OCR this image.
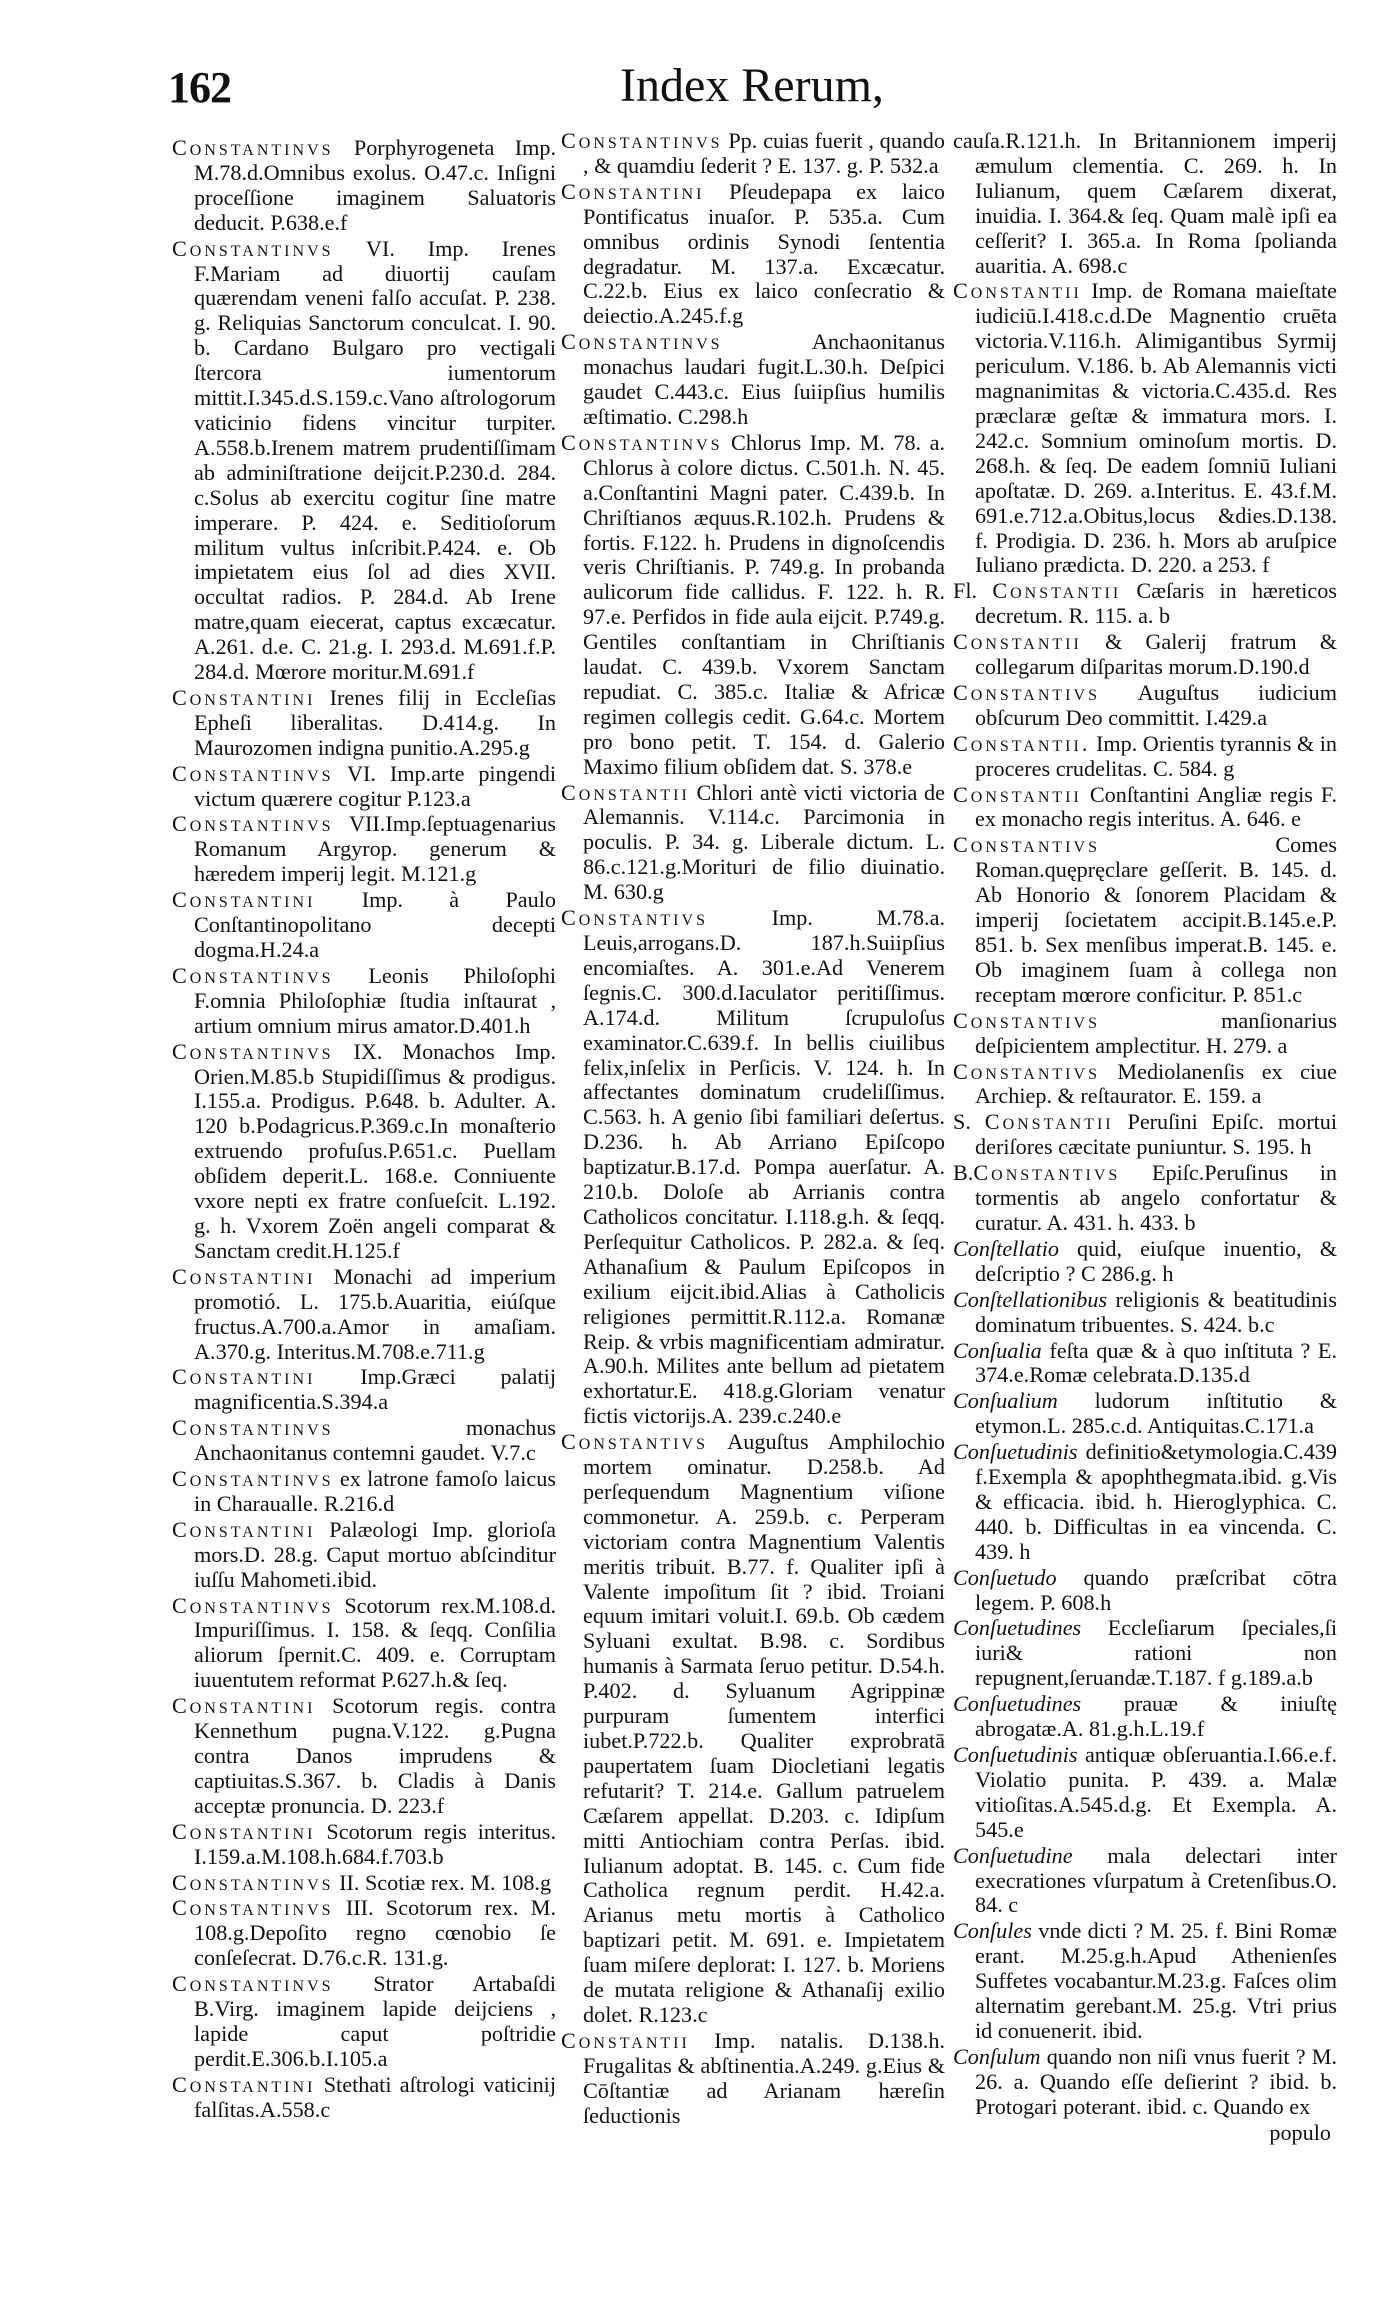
162	Index Rerum,

Constantinvs Porphyrogeneta Imp. M.78.d.Omnibus exolus. O.47.c. Inſigni proceſſione imaginem Saluatoris deducit. P.638.e.f

Constantinvs VI. Imp. Irenes F.Mariam ad diuortij cauſam quærendam veneni falſo accuſat. P. 238. g. Reliquias Sanctorum conculcat. I. 90. b. Cardano Bulgaro pro vectigali ſtercora iumentorum mittit.I.345.d.S.159.c.Vano aſtrologorum vaticinio fidens vincitur turpiter. A.558.b.Irenem matrem prudentiſſimam ab adminiſtratione deijcit.P.230.d. 284. c.Solus ab exercitu cogitur ſine matre imperare. P. 424. e. Seditioſorum militum vultus inſcribit.P.424. e. Ob impietatem eius ſol ad dies XVII. occultat radios. P. 284.d. Ab Irene matre,quam eiecerat, captus excæcatur. A.261. d.e. C. 21.g. I. 293.d. M.691.f.P. 284.d. Mœrore moritur.M.691.f

Constantini Irenes filij in Eccleſias Epheſi liberalitas. D.414.g. In Maurozomen indigna punitio.A.295.g

Constantinvs VI. Imp.arte pingendi victum quærere cogitur P.123.a

Constantinvs VII.Imp.ſeptuagenarius Romanum Argyrop. generum & hæredem imperij legit. M.121.g

Constantini Imp. à Paulo Conſtantinopolitano decepti dogma.H.24.a

Constantinvs Leonis Philoſophi F.omnia Philoſophiæ ſtudia inſtaurat , artium omnium mirus amator.D.401.h

Constantinvs IX. Monachos Imp. Orien.M.85.b Stupidiſſimus & prodigus. I.155.a. Prodigus. P.648. b. Adulter. A. 120 b.Podagricus.P.369.c.In monaſterio extruendo profuſus.P.651.c. Puellam obſidem deperit.L. 168.e. Conniuente vxore nepti ex fratre conſueſcit. L.192. g. h. Vxorem Zoën angeli comparat & Sanctam credit.H.125.f

Constantini Monachi ad imperium promotió. L. 175.b.Auaritia, eiúſque fructus.A.700.a.Amor in amaſiam. A.370.g. Interitus.M.708.e.711.g

Constantini Imp.Græci palatij magnificentia.S.394.a

Constantinvs monachus Anchaonitanus contemni gaudet. V.7.c

Constantinvs ex latrone famoſo laicus in Charaualle. R.216.d

Constantini Palæologi Imp. glorioſa mors.D. 28.g. Caput mortuo abſcinditur iuſſu Mahometi.ibid.

Constantinvs Scotorum rex.M.108.d. Impuriſſimus. I. 158. & ſeqq. Conſilia aliorum ſpernit.C. 409. e. Corruptam iuuentutem reformat P.627.h.& ſeq.

Constantini Scotorum regis. contra Kennethum pugna.V.122. g.Pugna contra Danos imprudens & captiuitas.S.367. b. Cladis à Danis acceptæ pronuncia. D. 223.f

Constantini Scotorum regis interitus. I.159.a.M.108.h.684.f.703.b

Constantinvs II. Scotiæ rex. M. 108.g

Constantinvs III. Scotorum rex. M. 108.g.Depoſito regno cœnobio ſe conſeſecrat. D.76.c.R. 131.g.

Constantinvs Strator Artabaſdi B.Virg. imaginem lapide deijciens , lapide caput poſtridie perdit.E.306.b.I.105.a

Constantini Stethati aſtrologi vaticinij falſitas.A.558.c

Constantinvs Pp. cuias fuerit , quando , & quamdiu ſederit ? E. 137. g. P. 532.a

Constantini Pſeudepapa ex laico Pontificatus inuaſor. P. 535.a. Cum omnibus ordinis Synodi ſententia degradatur. M. 137.a. Excæcatur. C.22.b. Eius ex laico conſecratio & deiectio.A.245.f.g

Constantinvs Anchaonitanus monachus laudari fugit.L.30.h. Deſpici gaudet C.443.c. Eius ſuiipſius humilis æſtimatio. C.298.h

Constantinvs Chlorus Imp. M. 78. a. Chlorus à colore dictus. C.501.h. N. 45. a.Conſtantini Magni pater. C.439.b. In Chriſtianos æquus.R.102.h. Prudens & fortis. F.122. h. Prudens in dignoſcendis veris Chriſtianis. P. 749.g. In probanda aulicorum fide callidus. F. 122. h. R. 97.e. Perfidos in fide aula eijcit. P.749.g. Gentiles conſtantiam in Chriſtianis laudat. C. 439.b. Vxorem Sanctam repudiat. C. 385.c. Italiæ & Africæ regimen collegis cedit. G.64.c. Mortem pro bono petit. T. 154. d. Galerio Maximo filium obſidem dat. S. 378.e

Constantii Chlori antè victi victoria de Alemannis. V.114.c. Parcimonia in poculis. P. 34. g. Liberale dictum. L. 86.c.121.g.Morituri de filio diuinatio. M. 630.g

Constantivs Imp. M.78.a. Leuis,arrogans.D. 187.h.Suiipſius encomiaſtes. A. 301.e.Ad Venerem ſegnis.C. 300.d.Iaculator peritiſſimus. A.174.d. Militum ſcrupuloſus examinator.C.639.f. In bellis ciuilibus felix,inſelix in Perſicis. V. 124. h. In affectantes dominatum crudeliſſimus. C.563. h. A genio ſibi familiari deſertus. D.236. h. Ab Arriano Epiſcopo baptizatur.B.17.d. Pompa auerſatur. A. 210.b. Doloſe ab Arrianis contra Catholicos concitatur. I.118.g.h. & ſeqq. Perſequitur Catholicos. P. 282.a. & ſeq. Athanaſium & Paulum Epiſcopos in exilium eijcit.ibid.Alias à Catholicis religiones permittit.R.112.a. Romanæ Reip. & vrbis magnificentiam admiratur. A.90.h. Milites ante bellum ad pietatem exhortatur.E. 418.g.Gloriam venatur fictis victorijs.A. 239.c.240.e

Constantivs Auguſtus Amphilochio mortem ominatur. D.258.b. Ad perſequendum Magnentium viſione commonetur. A. 259.b. c. Perperam victoriam contra Magnentium Valentis meritis tribuit. B.77. f. Qualiter ipſi à Valente impoſitum ſit ? ibid. Troiani equum imitari voluit.I. 69.b. Ob cædem Syluani exultat. B.98. c. Sordibus humanis à Sarmata ſeruo petitur. D.54.h. P.402. d. Syluanum Agrippinæ purpuram ſumentem interfici iubet.P.722.b. Qualiter exprobratā paupertatem ſuam Diocletiani legatis refutarit? T. 214.e. Gallum patruelem Cæſarem appellat. D.203. c. Idipſum mitti Antiochiam contra Perſas. ibid. Iulianum adoptat. B. 145. c. Cum fide Catholica regnum perdit. H.42.a. Arianus metu mortis à Catholico baptizari petit. M. 691. e. Impietatem ſuam miſere deplorat: I. 127. b. Moriens de mutata religione & Athanaſij exilio dolet. R.123.c

Constantii Imp. natalis. D.138.h. Frugalitas & abſtinentia.A.249. g.Eius & Cōſtantiæ ad Arianam hæreſin ſeductionis

cauſa.R.121.h. In Britannionem imperij æmulum clementia. C. 269. h. In Iulianum, quem Cæſarem dixerat, inuidia. I. 364.& ſeq. Quam malè ipſi ea ceſſerit? I. 365.a. In Roma ſpolianda auaritia. A. 698.c

Constantii Imp. de Romana maieſtate iudiciū.I.418.c.d.De Magnentio cruēta victoria.V.116.h. Alimigantibus Syrmij periculum. V.186. b. Ab Alemannis victi magnanimitas & victoria.C.435.d. Res præclaræ geſtæ & immatura mors. I. 242.c. Somnium ominoſum mortis. D. 268.h. & ſeq. De eadem ſomniū Iuliani apoſtatæ. D. 269. a.Interitus. E. 43.f.M. 691.e.712.a.Obitus,locus &dies.D.138. f. Prodigia. D. 236. h. Mors ab aruſpice Iuliano prædicta. D. 220. a 253. f

Fl. Constantii Cæſaris in hæreticos decretum. R. 115. a. b

Constantii & Galerij fratrum & collegarum diſparitas morum.D.190.d

Constantivs Auguſtus iudicium obſcurum Deo committit. I.429.a

Constantii. Imp. Orientis tyrannis & in proceres crudelitas. C. 584. g

Constantii Conſtantini Angliæ regis F. ex monacho regis interitus. A. 646. e

Constantivs Comes Roman.quępręclare geſſerit. B. 145. d. Ab Honorio & ſonorem Placidam & imperij ſocietatem accipit.B.145.e.P. 851. b. Sex menſibus imperat.B. 145. e. Ob imaginem ſuam à collega non receptam mœrore conficitur. P. 851.c

Constantivs manſionarius deſpicientem amplectitur. H. 279. a

Constantivs Mediolanenſis ex ciue Archiep. & reſtaurator. E. 159. a

S. Constantii Peruſini Epiſc. mortui deriſores cæcitate puniuntur. S. 195. h

B.Constantivs Epiſc.Peruſinus in tormentis ab angelo confortatur & curatur. A. 431. h. 433. b

Conſtellatio quid, eiuſque inuentio, & deſcriptio ? C 286.g. h

Conſtellationibus religionis & beatitudinis dominatum tribuentes. S. 424. b.c

Conſualia feſta quæ & à quo inſtituta ? E. 374.e.Romæ celebrata.D.135.d

Conſualium ludorum inſtitutio & etymon.L. 285.c.d. Antiquitas.C.171.a

Conſuetudinis definitio&etymologia.C.439 f.Exempla & apophthegmata.ibid. g.Vis & efficacia. ibid. h. Hieroglyphica. C. 440. b. Difficultas in ea vincenda. C. 439. h

Conſuetudo quando præſcribat cōtra legem. P. 608.h

Conſuetudines Eccleſiarum ſpeciales,ſi iuri& rationi non repugnent,ſeruandæ.T.187. f g.189.a.b

Conſuetudines prauæ & iniuſtę abrogatæ.A. 81.g.h.L.19.f

Conſuetudinis antiquæ obſeruantia.I.66.e.f. Violatio punita. P. 439. a. Malæ vitioſitas.A.545.d.g. Et Exempla. A. 545.e

Conſuetudine mala delectari inter execrationes vſurpatum à Cretenſibus.O. 84. c

Conſules vnde dicti ? M. 25. f. Bini Romæ erant. M.25.g.h.Apud Athenienſes Suffetes vocabantur.M.23.g. Faſces olim alternatim gerebant.M. 25.g. Vtri prius id conuenerit. ibid.

Conſulum quando non niſi vnus fuerit ? M. 26. a. Quando eſſe deſierint ? ibid. b. Protogari poterant. ibid. c. Quando ex

populo
